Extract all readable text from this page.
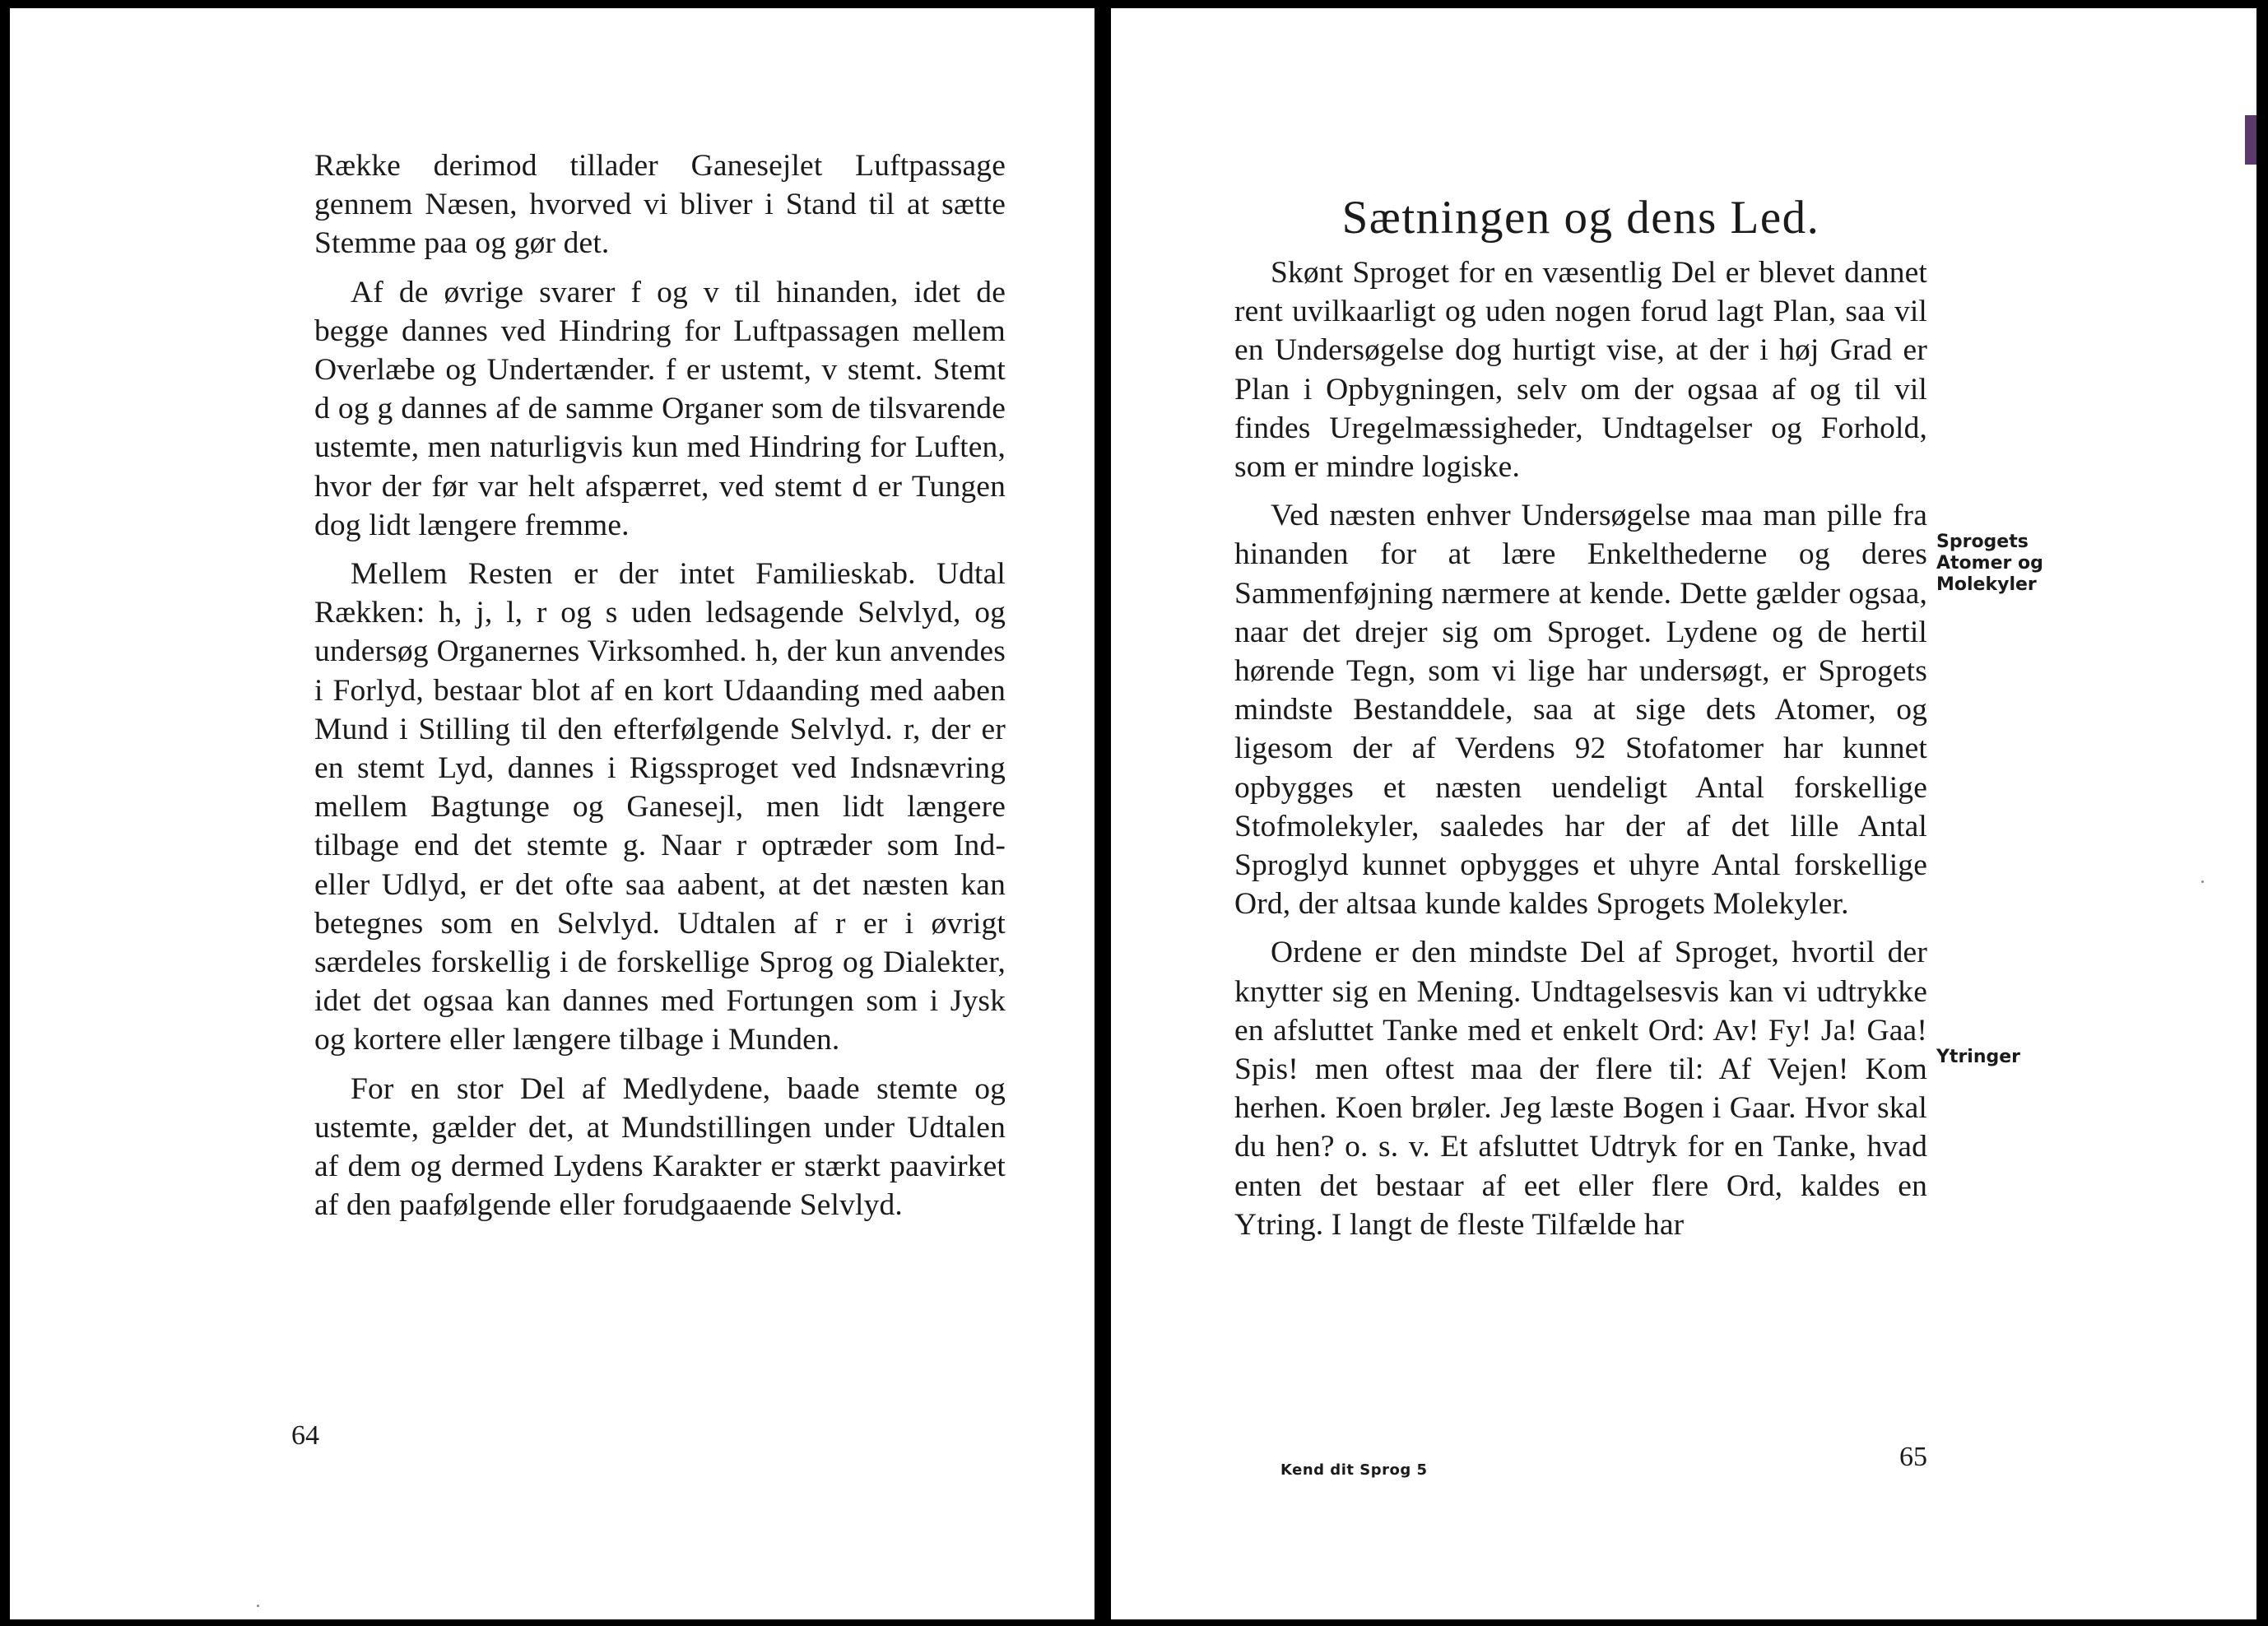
Række derimod tillader Ganesejlet Luftpassage gennem Næsen, hvorved vi bliver i Stand til at sætte Stemme paa og gør det.

Af de øvrige svarer f og v til hinanden, idet de begge dannes ved Hindring for Luftpassagen mellem Overlæbe og Undertænder. f er ustemt, v stemt. Stemt d og g dannes af de samme Organer som de tilsvarende ustemte, men naturligvis kun med Hindring for Luften, hvor der før var helt afspærret, ved stemt d er Tungen dog lidt længere fremme.

Mellem Resten er der intet Familieskab. Udtal Rækken: h, j, l, r og s uden ledsagende Selvlyd, og undersøg Organernes Virksomhed. h, der kun anvendes i Forlyd, bestaar blot af en kort Udaanding med aaben Mund i Stilling til den efterfølgende Selvlyd. r, der er en stemt Lyd, dannes i Rigssproget ved Indsnævring mellem Bagtunge og Ganesejl, men lidt længere tilbage end det stemte g. Naar r optræder som Ind- eller Udlyd, er det ofte saa aabent, at det næsten kan betegnes som en Selvlyd. Udtalen af r er i øvrigt særdeles forskellig i de forskellige Sprog og Dialekter, idet det ogsaa kan dannes med Fortungen som i Jysk og kortere eller længere tilbage i Munden.

For en stor Del af Medlydene, baade stemte og ustemte, gælder det, at Mundstillingen under Udtalen af dem og dermed Lydens Karakter er stærkt paavirket af den paafølgende eller forudgaaende Selvlyd.

64
Sætningen og dens Led.

Skønt Sproget for en væsentlig Del er blevet dannet rent uvilkaarligt og uden nogen forud lagt Plan, saa vil en Undersøgelse dog hurtigt vise, at der i høj Grad er Plan i Opbygningen, selv om der ogsaa af og til vil findes Uregelmæssigheder, Undtagelser og Forhold, som er mindre logiske.

Ved næsten enhver Undersøgelse maa man pille fra hinanden for at lære Enkelthederne og deres Sammenføjning nærmere at kende. Dette gælder ogsaa, naar det drejer sig om Sproget. Lydene og de hertil hørende Tegn, som vi lige har undersøgt, er Sprogets mindste Bestanddele, saa at sige dets Atomer, og ligesom der af Verdens 92 Stofatomer har kunnet opbygges et næsten uendeligt Antal forskellige Stofmolekyler, saaledes har der af det lille Antal Sproglyd kunnet opbygges et uhyre Antal forskellige Ord, der altsaa kunde kaldes Sprogets Molekyler.

Ordene er den mindste Del af Sproget, hvortil der knytter sig en Mening. Undtagelsesvis kan vi udtrykke en afsluttet Tanke med et enkelt Ord: Av! Fy! Ja! Gaa! Spis! men oftest maa der flere til: Af Vejen! Kom herhen. Koen brøler. Jeg læste Bogen i Gaar. Hvor skal du hen? o. s. v. Et afsluttet Udtryk for en Tanke, hvad enten det bestaar af eet eller flere Ord, kaldes en Ytring. I langt de fleste Tilfælde har

Sprogets
Atomer og
Molekyler
Ytringer
Kend dit Sprog 5	65
